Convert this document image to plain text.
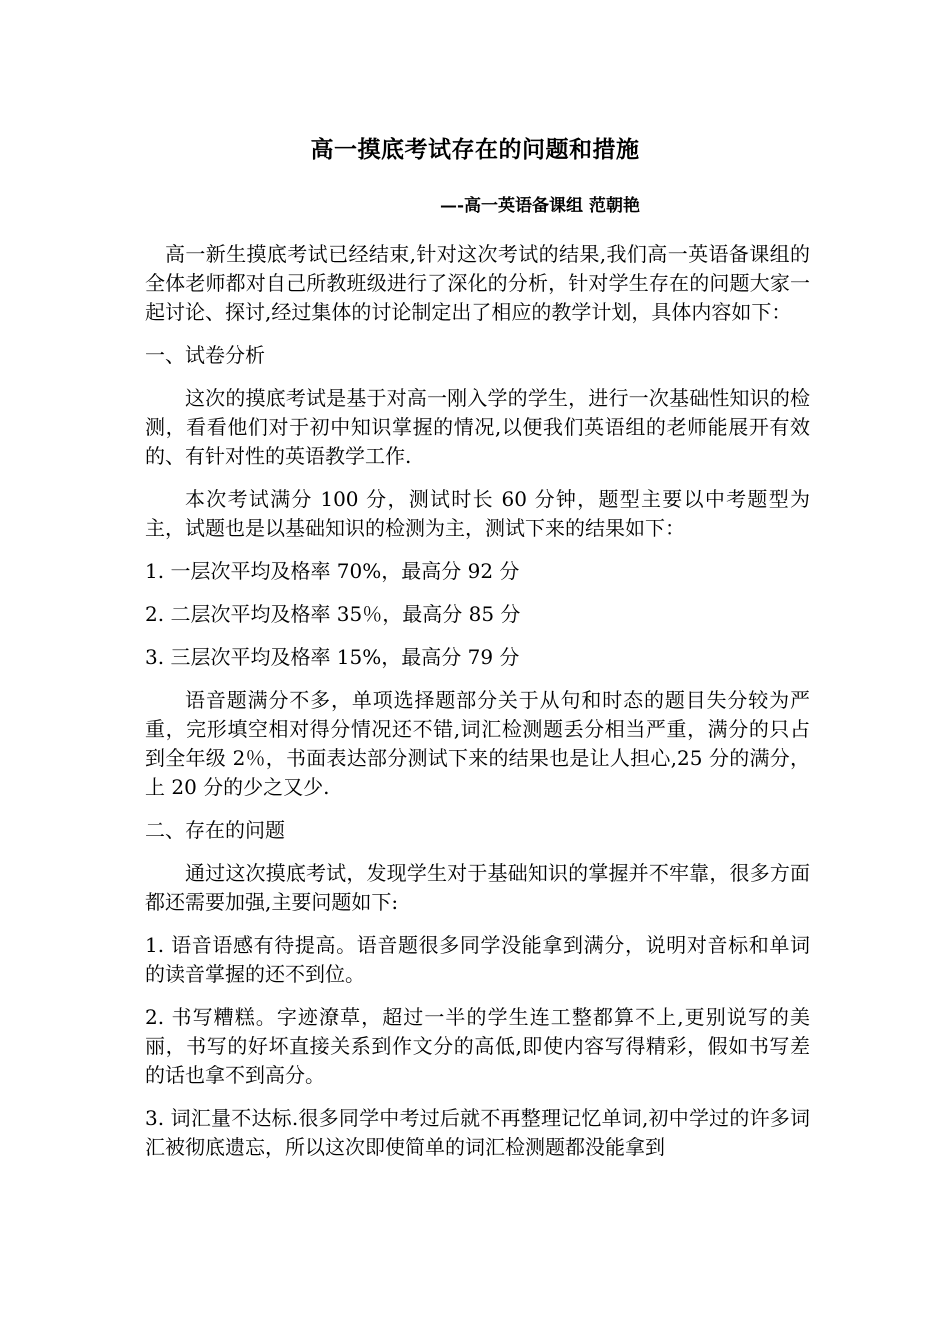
高一摸底考试存在的问题和措施
—-高一英语备课组 范朝艳

高一新生摸底考试已经结束,针对这次考试的结果,我们高一英语备课组的全体老师都对自己所教班级进行了深化的分析，针对学生存在的问题大家一起讨论、探讨,经过集体的讨论制定出了相应的教学计划，具体内容如下：

一、试卷分析

这次的摸底考试是基于对高一刚入学的学生，进行一次基础性知识的检测，看看他们对于初中知识掌握的情况,以便我们英语组的老师能展开有效的、有针对性的英语教学工作.

本次考试满分 100 分，测试时长 60 分钟，题型主要以中考题型为主，试题也是以基础知识的检测为主，测试下来的结果如下：

1. 一层次平均及格率 70%，最高分 92 分

2. 二层次平均及格率 35％，最高分 85 分

3. 三层次平均及格率 15%，最高分 79 分

语音题满分不多，单项选择题部分关于从句和时态的题目失分较为严重，完形填空相对得分情况还不错,词汇检测题丢分相当严重，满分的只占到全年级 2％，书面表达部分测试下来的结果也是让人担心,25 分的满分，上 20 分的少之又少.

二、存在的问题

通过这次摸底考试，发现学生对于基础知识的掌握并不牢靠，很多方面都还需要加强,主要问题如下:

1. 语音语感有待提高。语音题很多同学没能拿到满分，说明对音标和单词的读音掌握的还不到位。

2. 书写糟糕。字迹潦草，超过一半的学生连工整都算不上,更别说写的美丽，书写的好坏直接关系到作文分的高低,即使内容写得精彩，假如书写差的话也拿不到高分。

3. 词汇量不达标.很多同学中考过后就不再整理记忆单词,初中学过的许多词汇被彻底遗忘，所以这次即使简单的词汇检测题都没能拿到
